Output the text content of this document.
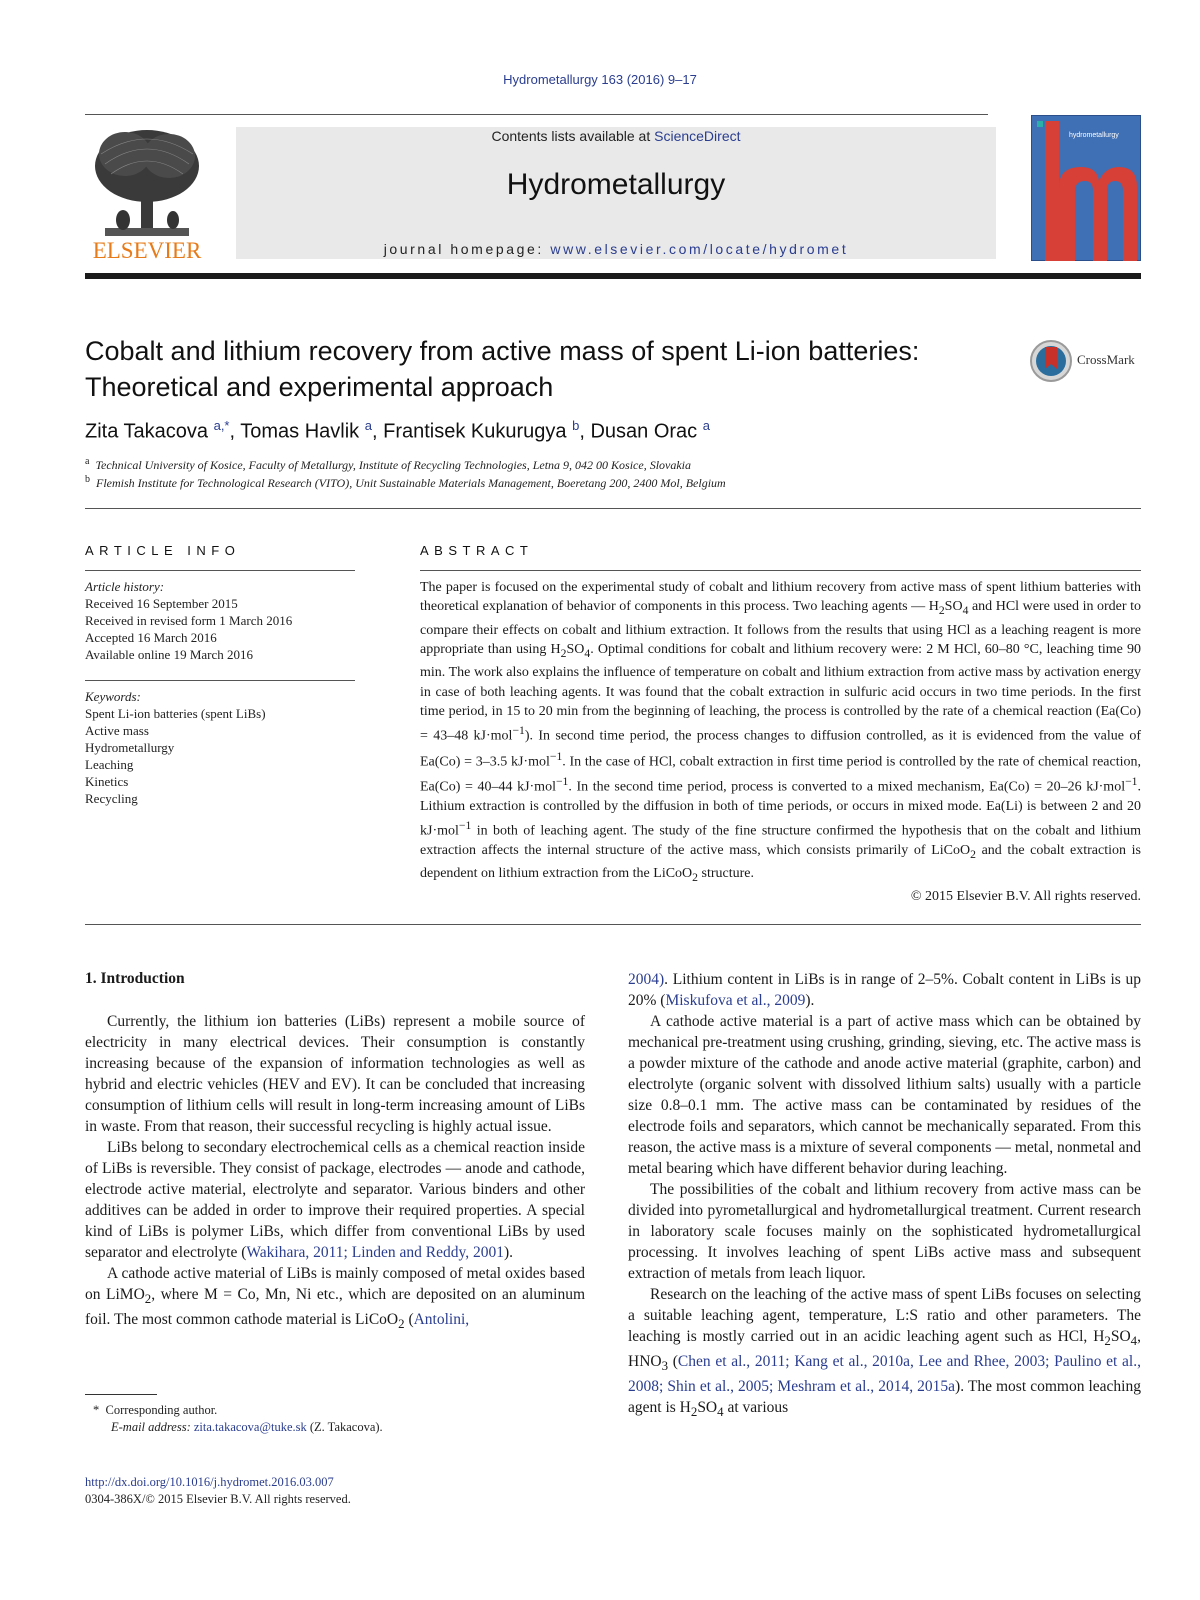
Hydrometallurgy 163 (2016) 9–17
ELSEVIER
Contents lists available at ScienceDirect
Hydrometallurgy
journal homepage: www.elsevier.com/locate/hydromet
hydrometallurgy
Cobalt and lithium recovery from active mass of spent Li-ion batteries:
Theoretical and experimental approach
CrossMark
Zita Takacova $^{a,*}$, Tomas Havlik $^a$, Frantisek Kukurugya $^b$, Dusan Orac $^a$
$^a$ Technical University of Kosice, Faculty of Metallurgy, Institute of Recycling Technologies, Letna 9, 042 00 Kosice, Slovakia
$^b$ Flemish Institute for Technological Research (VITO), Unit Sustainable Materials Management, Boeretang 200, 2400 Mol, Belgium
ARTICLE INFO
Article history:
Received 16 September 2015
Received in revised form 1 March 2016
Accepted 16 March 2016
Available online 19 March 2016
Keywords:
Spent Li-ion batteries (spent LiBs)
Active mass
Hydrometallurgy
Leaching
Kinetics
Recycling
ABSTRACT
The paper is focused on the experimental study of cobalt and lithium recovery from active mass of spent lithium batteries with theoretical explanation of behavior of components in this process. Two leaching agents — $H_2SO_4$ and HCl were used in order to compare their effects on cobalt and lithium extraction. It follows from the results that using HCl as a leaching reagent is more appropriate than using $H_2SO_4$. Optimal conditions for cobalt and lithium recovery were: 2 M HCl, 60–80 °C, leaching time 90 min. The work also explains the influence of temperature on cobalt and lithium extraction from active mass by activation energy in case of both leaching agents. It was found that the cobalt extraction in sulfuric acid occurs in two time periods. In the first time period, in 15 to 20 min from the beginning of leaching, the process is controlled by the rate of a chemical reaction (Ea(Co) = 43–48 kJ·mol$^{-1}$). In second time period, the process changes to diffusion controlled, as it is evidenced from the value of Ea(Co) = 3–3.5 kJ·mol$^{-1}$. In the case of HCl, cobalt extraction in first time period is controlled by the rate of chemical reaction, Ea(Co) = 40–44 kJ·mol$^{-1}$. In the second time period, process is converted to a mixed mechanism, Ea(Co) = 20–26 kJ·mol$^{-1}$. Lithium extraction is controlled by the diffusion in both of time periods, or occurs in mixed mode. Ea(Li) is between 2 and 20 kJ·mol$^{-1}$ in both of leaching agent. The study of the fine structure confirmed the hypothesis that on the cobalt and lithium extraction affects the internal structure of the active mass, which consists primarily of LiCoO$_2$ and the cobalt extraction is dependent on lithium extraction from the LiCoO$_2$ structure.
© 2015 Elsevier B.V. All rights reserved.
1. Introduction

Currently, the lithium ion batteries (LiBs) represent a mobile source of electricity in many electrical devices. Their consumption is constantly increasing because of the expansion of information technologies as well as hybrid and electric vehicles (HEV and EV). It can be concluded that increasing consumption of lithium cells will result in long-term increasing amount of LiBs in waste. From that reason, their successful recycling is highly actual issue.

LiBs belong to secondary electrochemical cells as a chemical reaction inside of LiBs is reversible. They consist of package, electrodes — anode and cathode, electrode active material, electrolyte and separator. Various binders and other additives can be added in order to improve their required properties. A special kind of LiBs is polymer LiBs, which differ from conventional LiBs by used separator and electrolyte (Wakihara, 2011; Linden and Reddy, 2001).

A cathode active material of LiBs is mainly composed of metal oxides based on LiMO$_2$, where M = Co, Mn, Ni etc., which are deposited on an aluminum foil. The most common cathode material is LiCoO$_2$ (Antolini,

2004). Lithium content in LiBs is in range of 2–5%. Cobalt content in LiBs is up 20% (Miskufova et al., 2009).

A cathode active material is a part of active mass which can be obtained by mechanical pre-treatment using crushing, grinding, sieving, etc. The active mass is a powder mixture of the cathode and anode active material (graphite, carbon) and electrolyte (organic solvent with dissolved lithium salts) usually with a particle size 0.8–0.1 mm. The active mass can be contaminated by residues of the electrode foils and separators, which cannot be mechanically separated. From this reason, the active mass is a mixture of several components — metal, nonmetal and metal bearing which have different behavior during leaching.

The possibilities of the cobalt and lithium recovery from active mass can be divided into pyrometallurgical and hydrometallurgical treatment. Current research in laboratory scale focuses mainly on the sophisticated hydrometallurgical processing. It involves leaching of spent LiBs active mass and subsequent extraction of metals from leach liquor.

Research on the leaching of the active mass of spent LiBs focuses on selecting a suitable leaching agent, temperature, L:S ratio and other parameters. The leaching is mostly carried out in an acidic leaching agent such as HCl, $H_2SO_4$, $HNO_3$ (Chen et al., 2011; Kang et al., 2010a, Lee and Rhee, 2003; Paulino et al., 2008; Shin et al., 2005; Meshram et al., 2014, 2015a). The most common leaching agent is $H_2SO_4$ at various

* Corresponding author.
E-mail address: zita.takacova@tuke.sk (Z. Takacova).
http://dx.doi.org/10.1016/j.hydromet.2016.03.007
0304-386X/© 2015 Elsevier B.V. All rights reserved.
